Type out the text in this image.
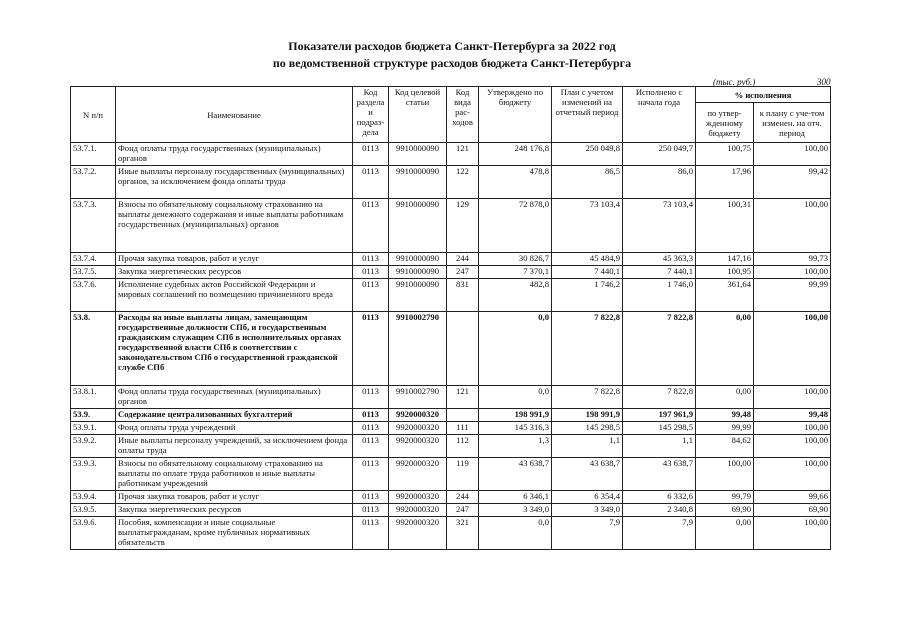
Показатели расходов бюджета Санкт-Петербурга за 2022 год
по ведомственной структуре расходов бюджета Санкт-Петербурга
(тыс. руб.)	300
N п/п	Наименование	Код раздела и подраз-дела	Код целевой статьи	Код вида рас-ходов	Утверждено по бюджету	План с учетом изменений на отчетный период	Исполнено с начала года	% исполнения	
								по утвер-жденному бюджету	к плану с уче-том изменен. на отч. период
53.7.1.	Фонд оплаты труда государственных (муниципальных) органов	0113	9910000090	121	248 176,8	250 049,8	250 049,7	100,75	100,00
53.7.2.	Иные выплаты персоналу государственных (муниципальных) органов, за исключением фонда оплаты труда	0113	9910000090	122	478,8	86,5	86,0	17,96	99,42
53.7.3.	Взносы по обязательному социальному страхованию на выплаты денежного содержания и иные выплаты работникам государственных (муниципальных) органов	0113	9910000090	129	72 878,0	73 103,4	73 103,4	100,31	100,00
53.7.4.	Прочая закупка товаров, работ и услуг	0113	9910000090	244	30 826,7	45 484,9	45 363,3	147,16	99,73
53.7.5.	Закупка энергетических ресурсов	0113	9910000090	247	7 370,1	7 440,1	7 440,1	100,95	100,00
53.7.6.	Исполнение судебных актов Российской Федерации и мировых соглашений по возмещению причиненного вреда	0113	9910000090	831	482,8	1 746,2	1 746,0	361,64	99,99
53.8.	Расходы на иные выплаты лицам, замещающим государственные должности СПб, и государственным гражданским служащим СПб в исполнительных органах государственной власти СПб в соответствии с законодательством СПб о государственной гражданской службе СПб	0113	9910002790		0,0	7 822,8	7 822,8	0,00	100,00
53.8.1.	Фонд оплаты труда государственных (муниципальных) органов	0113	9910002790	121	0,0	7 822,8	7 822,8	0,00	100,00
53.9.	Содержание централизованных бухгалтерий	0113	9920000320		198 991,9	198 991,9	197 961,9	99,48	99,48
53.9.1.	Фонд оплаты труда учреждений	0113	9920000320	111	145 316,3	145 298,5	145 298,5	99,99	100,00
53.9.2.	Иные выплаты персоналу учреждений, за исключением фонда оплаты труда	0113	9920000320	112	1,3	1,1	1,1	84,62	100,00
53.9.3.	Взносы по обязательному социальному страхованию на выплаты по оплате труда работников и иные выплаты работникам учреждений	0113	9920000320	119	43 638,7	43 638,7	43 638,7	100,00	100,00
53.9.4.	Прочая закупка товаров, работ и услуг	0113	9920000320	244	6 346,1	6 354,4	6 332,6	99,79	99,66
53.9.5.	Закупка энергетических ресурсов	0113	9920000320	247	3 349,0	3 349,0	2 340,8	69,90	69,90
53.9.6.	Пособия, компенсации и иные социальные выплатыгражданам, кроме публичных нормативных обязательств	0113	9920000320	321	0,0	7,9	7,9	0,00	100,00
